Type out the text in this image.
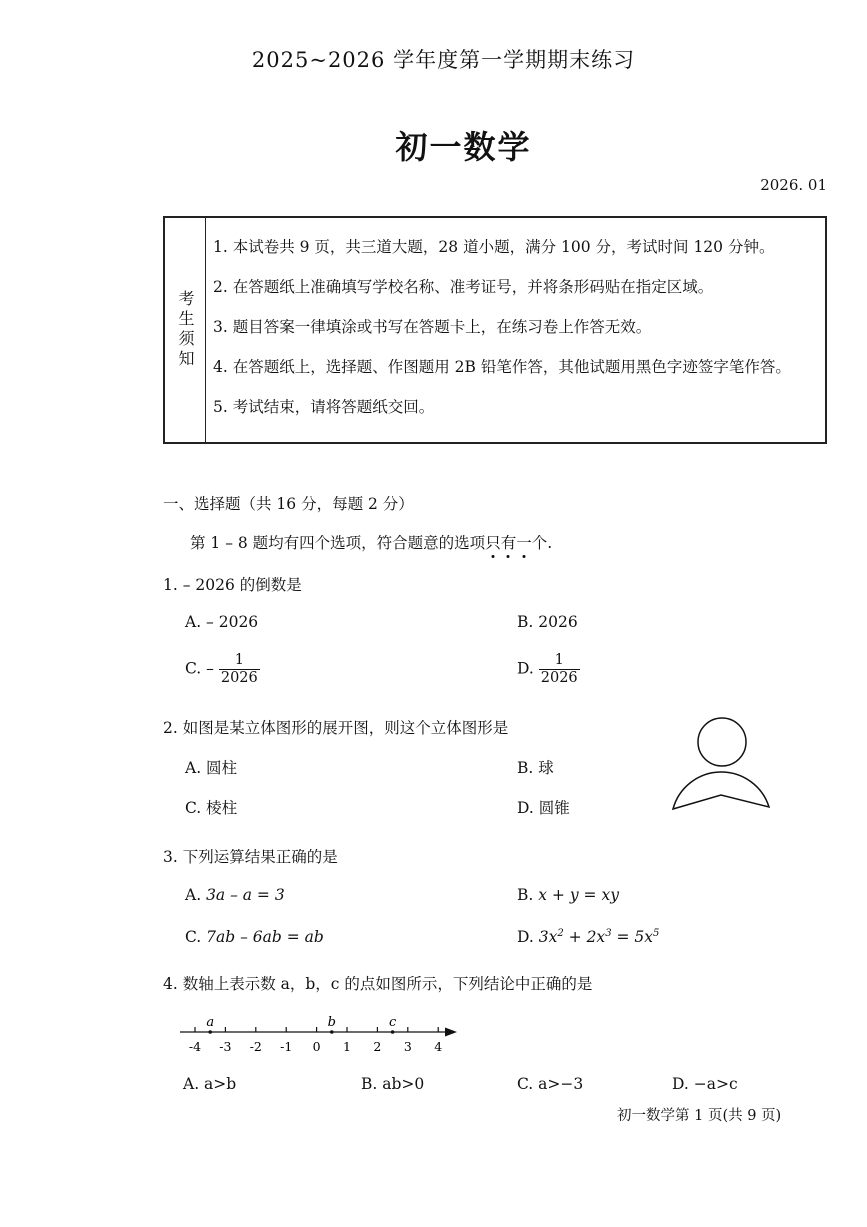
2025~2026 学年度第一学期期末练习
初一数学
2026. 01
考生须知
1. 本试卷共 9 页，共三道大题，28 道小题，满分 100 分，考试时间 120 分钟。
2. 在答题纸上准确填写学校名称、准考证号，并将条形码贴在指定区域。
3. 题目答案一律填涂或书写在答题卡上，在练习卷上作答无效。
4. 在答题纸上，选择题、作图题用 2B 铅笔作答，其他试题用黑色字迹签字笔作答。
5. 考试结束，请将答题纸交回。
一、选择题（共 16 分，每题 2 分）
第 1 – 8 题均有四个选项，符合题意的选项只有一个.
1. – 2026 的倒数是
A. – 2026	B. 2026
C. – $\frac{1}{2026}$	D. $\frac{1}{2026}$
2. 如图是某立体图形的展开图，则这个立体图形是
A. 圆柱	B. 球
C. 棱柱	D. 圆锥
3. 下列运算结果正确的是
A. 3a – a = 3	B. x + y = xy
C. 7ab – 6ab = ab	D. $3x^2 + 2x^3 = 5x^5$
4. 数轴上表示数 a，b，c 的点如图所示，下列结论中正确的是
-4 -3 -2 -1 0 1 2 3 4
a	b	c
A. a>b	B. ab>0	C. a>−3	D. −a>c
初一数学第 1 页(共 9 页)
